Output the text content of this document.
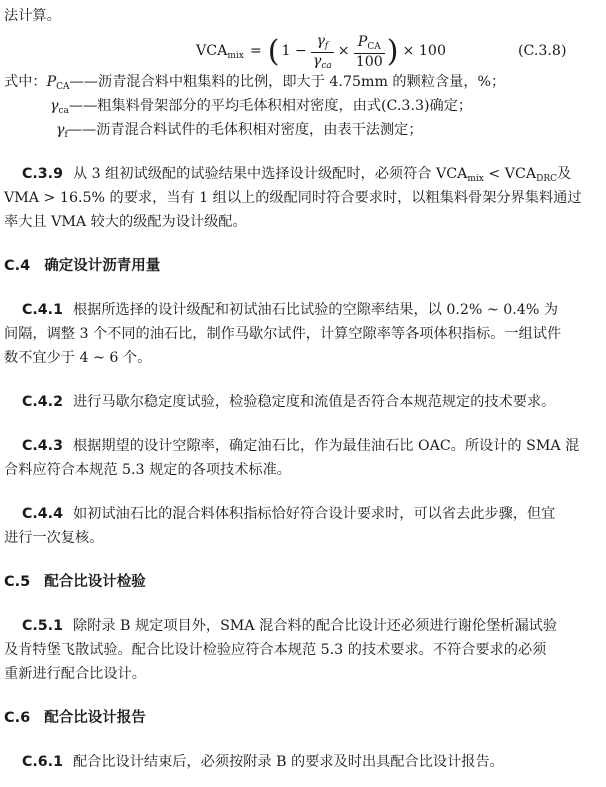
法计算。
$VCA_{mix}$ = ( $1 - \frac{\gamma_f}{\gamma_{ca}} \times \frac{P_{CA}}{100}$ ) × 100	(C.3.8)
式中：$P_{CA}——$沥青混合料中粗集料的比例，即大于 4.75mm 的颗粒含量，%；
$\gamma_{ca}——$粗集料骨架部分的平均毛体积相对密度，由式(C.3.3)确定；
$\gamma_f——$沥青混合料试件的毛体积相对密度，由表干法测定；
C.3.9 从 3 组初试级配的试验结果中选择设计级配时，必须符合 $VCA_{mix} < VCA_{DRC}$及
VMA > 16.5% 的要求，当有 1 组以上的级配同时符合要求时，以粗集料骨架分界集料通过
率大且 VMA 较大的级配为设计级配。
C.4 确定设计沥青用量
C.4.1 根据所选择的设计级配和初试油石比试验的空隙率结果，以 0.2% ~ 0.4% 为
间隔，调整 3 个不同的油石比，制作马歇尔试件，计算空隙率等各项体积指标。一组试件
数不宜少于 4 ~ 6 个。
C.4.2 进行马歇尔稳定度试验，检验稳定度和流值是否符合本规范规定的技术要求。
C.4.3 根据期望的设计空隙率，确定油石比，作为最佳油石比 OAC。所设计的 SMA 混
合料应符合本规范 5.3 规定的各项技术标准。
C.4.4 如初试油石比的混合料体积指标恰好符合设计要求时，可以省去此步骤，但宜
进行一次复核。
C.5 配合比设计检验
C.5.1 除附录 B 规定项目外，SMA 混合料的配合比设计还必须进行谢伦堡析漏试验
及肯特堡飞散试验。配合比设计检验应符合本规范 5.3 的技术要求。不符合要求的必须
重新进行配合比设计。
C.6 配合比设计报告
C.6.1 配合比设计结束后，必须按附录 B 的要求及时出具配合比设计报告。
